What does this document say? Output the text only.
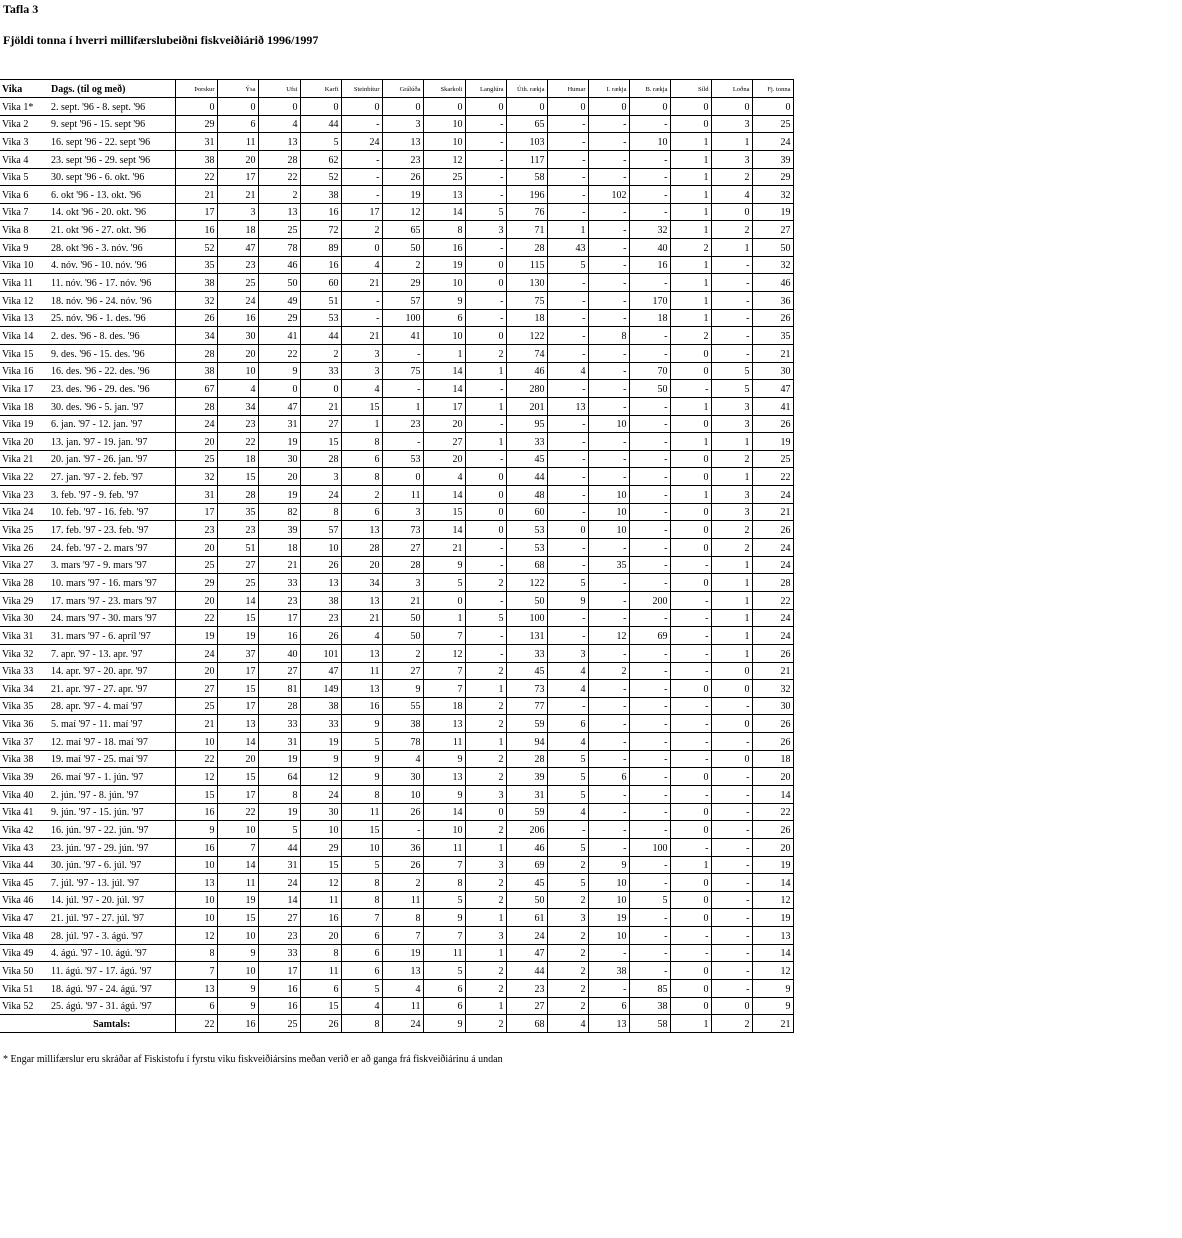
Tafla 3
Fjöldi tonna í hverri millifærslubeiðni fiskveiðiárið 1996/1997
Vika	Dags. (til og með)	Þorskur	Ýsa	Ufsi	Karfi	Steinbítur	Grálúða	Skarkoli	Langlúra	Úth. rækja	Humar	I. rækja	B. rækja	Síld	Loðna	Fj. tonna
Vika 1*	2. sept. '96 - 8. sept. '96	0	0	0	0	0	0	0	0	0	0	0	0	0	0	0
Vika 2	9. sept '96 - 15. sept '96	29	6	4	44	-	3	10	-	65	-	-	-	0	3	25
Vika 3	16. sept '96 - 22. sept '96	31	11	13	5	24	13	10	-	103	-	-	10	1	1	24
Vika 4	23. sept '96 - 29. sept '96	38	20	28	62	-	23	12	-	117	-	-	-	1	3	39
Vika 5	30. sept '96 - 6. okt. '96	22	17	22	52	-	26	25	-	58	-	-	-	1	2	29
Vika 6	6. okt '96 - 13. okt. '96	21	21	2	38	-	19	13	-	196	-	102	-	1	4	32
Vika 7	14. okt '96 - 20. okt. '96	17	3	13	16	17	12	14	5	76	-	-	-	1	0	19
Vika 8	21. okt '96 - 27. okt. '96	16	18	25	72	2	65	8	3	71	1	-	32	1	2	27
Vika 9	28. okt '96 - 3. nóv. '96	52	47	78	89	0	50	16	-	28	43	-	40	2	1	50
Vika 10	4. nóv. '96 - 10. nóv. '96	35	23	46	16	4	2	19	0	115	5	-	16	1	-	32
Vika 11	11. nóv. '96 - 17. nóv. '96	38	25	50	60	21	29	10	0	130	-	-	-	1	-	46
Vika 12	18. nóv. '96 - 24. nóv. '96	32	24	49	51	-	57	9	-	75	-	-	170	1	-	36
Vika 13	25. nóv. '96 - 1. des. '96	26	16	29	53	-	100	6	-	18	-	-	18	1	-	26
Vika 14	2. des. '96 - 8. des. '96	34	30	41	44	21	41	10	0	122	-	8	-	2	-	35
Vika 15	9. des. '96 - 15. des. '96	28	20	22	2	3	-	1	2	74	-	-	-	0	-	21
Vika 16	16. des. '96 - 22. des. '96	38	10	9	33	3	75	14	1	46	4	-	70	0	5	30
Vika 17	23. des. '96 - 29. des. '96	67	4	0	0	4	-	14	-	280	-	-	50	-	5	47
Vika 18	30. des. '96 - 5. jan. '97	28	34	47	21	15	1	17	1	201	13	-	-	1	3	41
Vika 19	6. jan. '97 - 12. jan. '97	24	23	31	27	1	23	20	-	95	-	10	-	0	3	26
Vika 20	13. jan. '97 - 19. jan. '97	20	22	19	15	8	-	27	1	33	-	-	-	1	1	19
Vika 21	20. jan. '97 - 26. jan. '97	25	18	30	28	6	53	20	-	45	-	-	-	0	2	25
Vika 22	27. jan. '97 - 2. feb. '97	32	15	20	3	8	0	4	0	44	-	-	-	0	1	22
Vika 23	3. feb. '97 - 9. feb. '97	31	28	19	24	2	11	14	0	48	-	10	-	1	3	24
Vika 24	10. feb. '97 - 16. feb. '97	17	35	82	8	6	3	15	0	60	-	10	-	0	3	21
Vika 25	17. feb. '97 - 23. feb. '97	23	23	39	57	13	73	14	0	53	0	10	-	0	2	26
Vika 26	24. feb. '97 - 2. mars '97	20	51	18	10	28	27	21	-	53	-	-	-	0	2	24
Vika 27	3. mars '97 - 9. mars '97	25	27	21	26	20	28	9	-	68	-	35	-	-	1	24
Vika 28	10. mars '97 - 16. mars '97	29	25	33	13	34	3	5	2	122	5	-	-	0	1	28
Vika 29	17. mars '97 - 23. mars '97	20	14	23	38	13	21	0	-	50	9	-	200	-	1	22
Vika 30	24. mars '97 - 30. mars '97	22	15	17	23	21	50	1	5	100	-	-	-	-	1	24
Vika 31	31. mars '97 - 6. apríl '97	19	19	16	26	4	50	7	-	131	-	12	69	-	1	24
Vika 32	7. apr. '97 - 13. apr. '97	24	37	40	101	13	2	12	-	33	3	-	-	-	1	26
Vika 33	14. apr. '97 - 20. apr. '97	20	17	27	47	11	27	7	2	45	4	2	-	-	0	21
Vika 34	21. apr. '97 - 27. apr. '97	27	15	81	149	13	9	7	1	73	4	-	-	0	0	32
Vika 35	28. apr. '97 - 4. maí '97	25	17	28	38	16	55	18	2	77	-	-	-	-	-	30
Vika 36	5. maí '97 - 11. maí '97	21	13	33	33	9	38	13	2	59	6	-	-	-	0	26
Vika 37	12. maí '97 - 18. maí '97	10	14	31	19	5	78	11	1	94	4	-	-	-	-	26
Vika 38	19. maí '97 - 25. maí '97	22	20	19	9	9	4	9	2	28	5	-	-	-	0	18
Vika 39	26. maí '97 - 1. jún. '97	12	15	64	12	9	30	13	2	39	5	6	-	0	-	20
Vika 40	2. jún. '97 - 8. jún. '97	15	17	8	24	8	10	9	3	31	5	-	-	-	-	14
Vika 41	9. jún. '97 - 15. jún. '97	16	22	19	30	11	26	14	0	59	4	-	-	0	-	22
Vika 42	16. jún. '97 - 22. jún. '97	9	10	5	10	15	-	10	2	206	-	-	-	0	-	26
Vika 43	23. jún. '97 - 29. jún. '97	16	7	44	29	10	36	11	1	46	5	-	100	-	-	20
Vika 44	30. jún. '97 - 6. júl. '97	10	14	31	15	5	26	7	3	69	2	9	-	1	-	19
Vika 45	7. júl. '97 - 13. júl. '97	13	11	24	12	8	2	8	2	45	5	10	-	0	-	14
Vika 46	14. júl. '97 - 20. júl. '97	10	19	14	11	8	11	5	2	50	2	10	5	0	-	12
Vika 47	21. júl. '97 - 27. júl. '97	10	15	27	16	7	8	9	1	61	3	19	-	0	-	19
Vika 48	28. júl. '97 - 3. ágú. '97	12	10	23	20	6	7	7	3	24	2	10	-	-	-	13
Vika 49	4. ágú. '97 - 10. ágú. '97	8	9	33	8	6	19	11	1	47	2	-	-	-	-	14
Vika 50	11. ágú. '97 - 17. ágú. '97	7	10	17	11	6	13	5	2	44	2	38	-	0	-	12
Vika 51	18. ágú. '97 - 24. ágú. '97	13	9	16	6	5	4	6	2	23	2	-	85	0	-	9
Vika 52	25. ágú. '97 - 31. ágú. '97	6	9	16	15	4	11	6	1	27	2	6	38	0	0	9
	Samtals:	22	16	25	26	8	24	9	2	68	4	13	58	1	2	21
* Engar millifærslur eru skráðar af Fiskistofu í fyrstu viku fiskveiðiársins meðan verið er að ganga frá fiskveiðiárinu á undan
